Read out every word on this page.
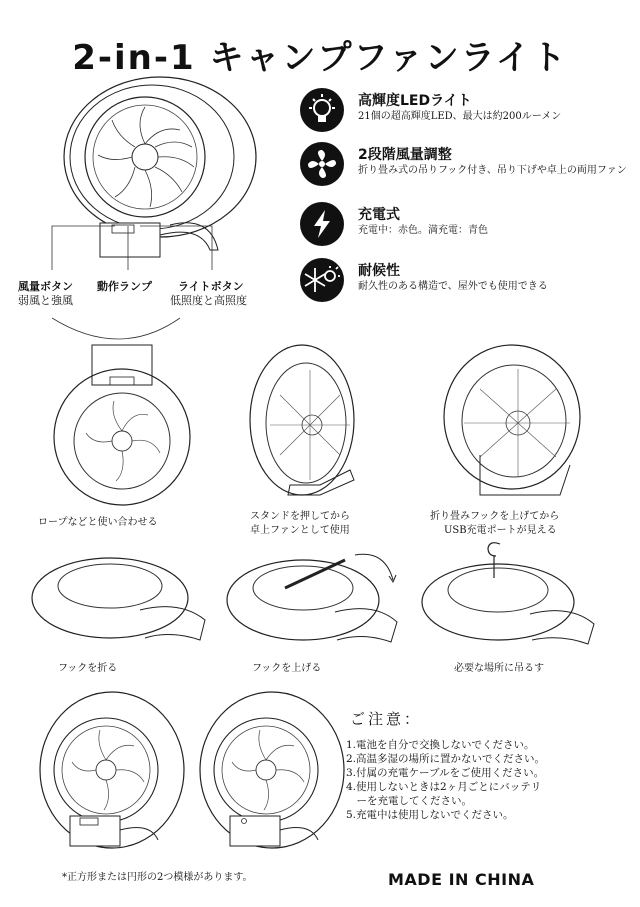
2-in-1 キャンプファンライト
風量ボタン
弱風と強風
動作ランプ ライトボタン
低照度と高照度
高輝度LEDライト
21個の超高輝度LED、最大は約200ルーメン
2段階風量調整
折り畳み式の吊りフック付き、吊り下げや卓上の両用ファン
充電式
充電中：赤色。満充電：青色
耐候性
耐久性のある構造で、屋外でも使用できる
ロープなどと使い合わせる
スタンドを押してから
卓上ファンとして使用
折り畳みフックを上げてから
USB充電ポートが見える
フックを折る	フックを上げる	必要な場所に吊るす
ご注意：
1.電池を自分で交換しないでください。
2.高温多湿の場所に置かないでください。
3.付属の充電ケーブルをご使用ください。
4.使用しないときは2ヶ月ごとにバッテリ
　ーを充電してください。
5.充電中は使用しないでください。
*正方形または円形の2つ模様があります。	MADE IN CHINA
